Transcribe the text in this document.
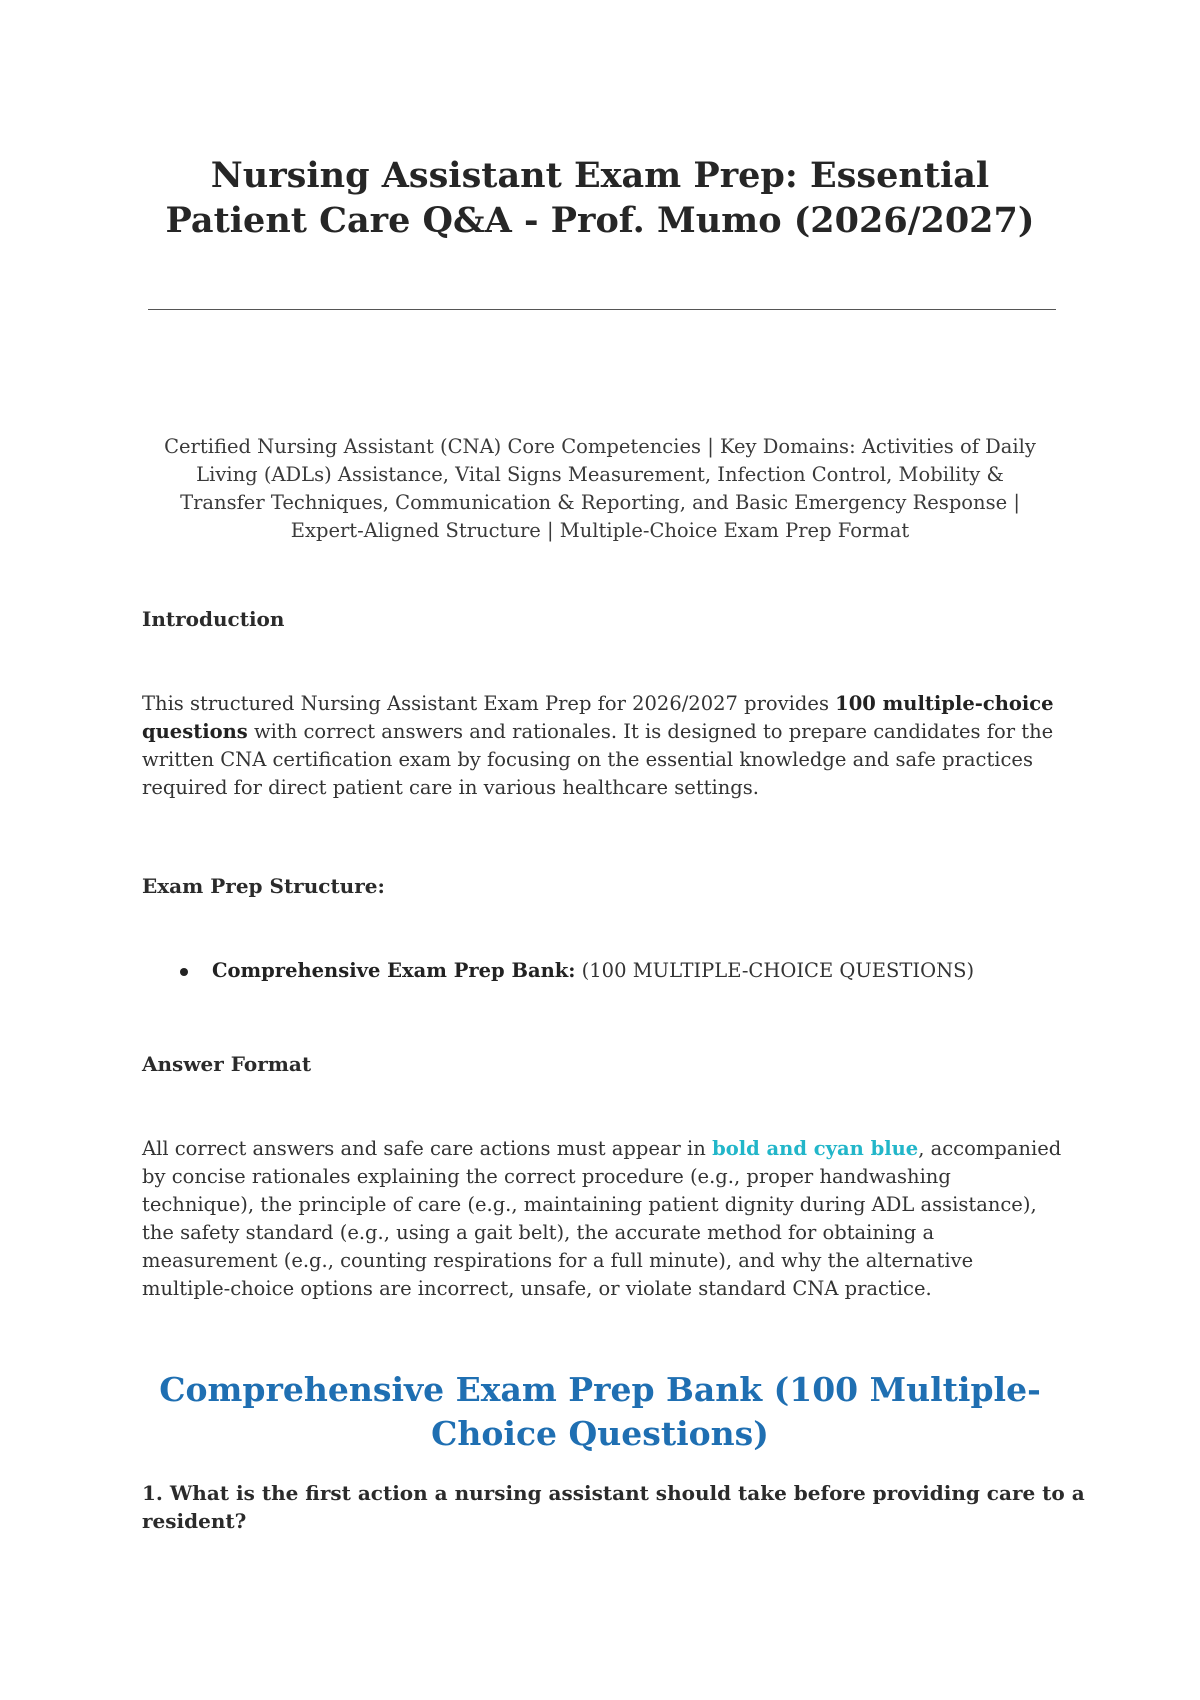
Nursing Assistant Exam Prep: Essential Patient Care Q&A - Prof. Mumo (2026/2027)

Certified Nursing Assistant (CNA) Core Competencies | Key Domains: Activities of Daily Living (ADLs) Assistance, Vital Signs Measurement, Infection Control, Mobility & Transfer Techniques, Communication & Reporting, and Basic Emergency Response | Expert-Aligned Structure | Multiple-Choice Exam Prep Format

Introduction

This structured Nursing Assistant Exam Prep for 2026/2027 provides 100 multiple-choice questions with correct answers and rationales. It is designed to prepare candidates for the written CNA certification exam by focusing on the essential knowledge and safe practices required for direct patient care in various healthcare settings.

Exam Prep Structure:
Comprehensive Exam Prep Bank: (100 MULTIPLE-CHOICE QUESTIONS)
Answer Format

All correct answers and safe care actions must appear in bold and cyan blue, accompanied by concise rationales explaining the correct procedure (e.g., proper handwashing technique), the principle of care (e.g., maintaining patient dignity during ADL assistance), the safety standard (e.g., using a gait belt), the accurate method for obtaining a measurement (e.g., counting respirations for a full minute), and why the alternative multiple-choice options are incorrect, unsafe, or violate standard CNA practice.

Comprehensive Exam Prep Bank (100 Multiple-Choice Questions)

1. What is the first action a nursing assistant should take before providing care to a resident?
